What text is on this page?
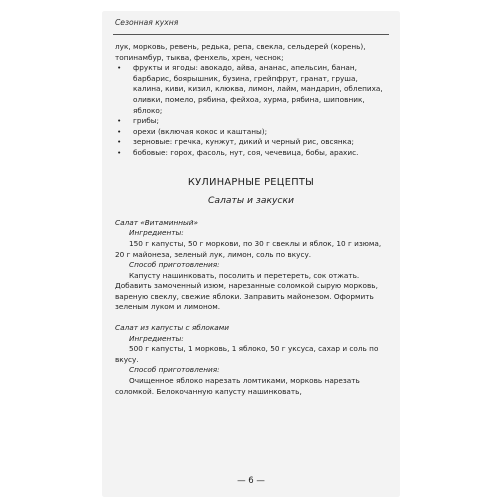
Сезонная кухня

лук, морковь, ревень, редька, репа, свекла, сельдерей (корень), топинамбур, тыква, фенхель, хрен, чеснок;

• фрукты и ягоды: авокадо, айва, ананас, апельсин, банан, барбарис, боярышник, бузина, грейпфрут, гранат, груша, калина, киви, кизил, клюква, лимон, лайм, мандарин, облепиха, оливки, помело, рябина, фейхоа, хурма, рябина, шиповник, яблоко;
• грибы;
• орехи (включая кокос и каштаны);
• зерновые: гречка, кунжут, дикий и черный рис, овсянка;
• бобовые: горох, фасоль, нут, соя, чечевица, бобы, арахис.
КУЛИНАРНЫЕ РЕЦЕПТЫ
Салаты и закуски

Салат «Витаминный»

Ингредиенты:

150 г капусты, 50 г моркови, по 30 г свеклы и яблок, 10 г изюма, 20 г майонеза, зеленый лук, лимон, соль по вкусу.

Способ приготовления:

Капусту нашинковать, посолить и перетереть, сок отжать. Добавить замоченный изюм, нарезанные соломкой сырую морковь, вареную свеклу, свежие яблоки. Заправить майонезом. Оформить зеленым луком и лимоном.

Салат из капусты с яблоками

Ингредиенты:

500 г капусты, 1 морковь, 1 яблоко, 50 г уксуса, сахар и соль по вкусу.

Способ приготовления:

Очищенное яблоко нарезать ломтиками, морковь нарезать соломкой. Белокочанную капусту нашинковать,

— 6 —
